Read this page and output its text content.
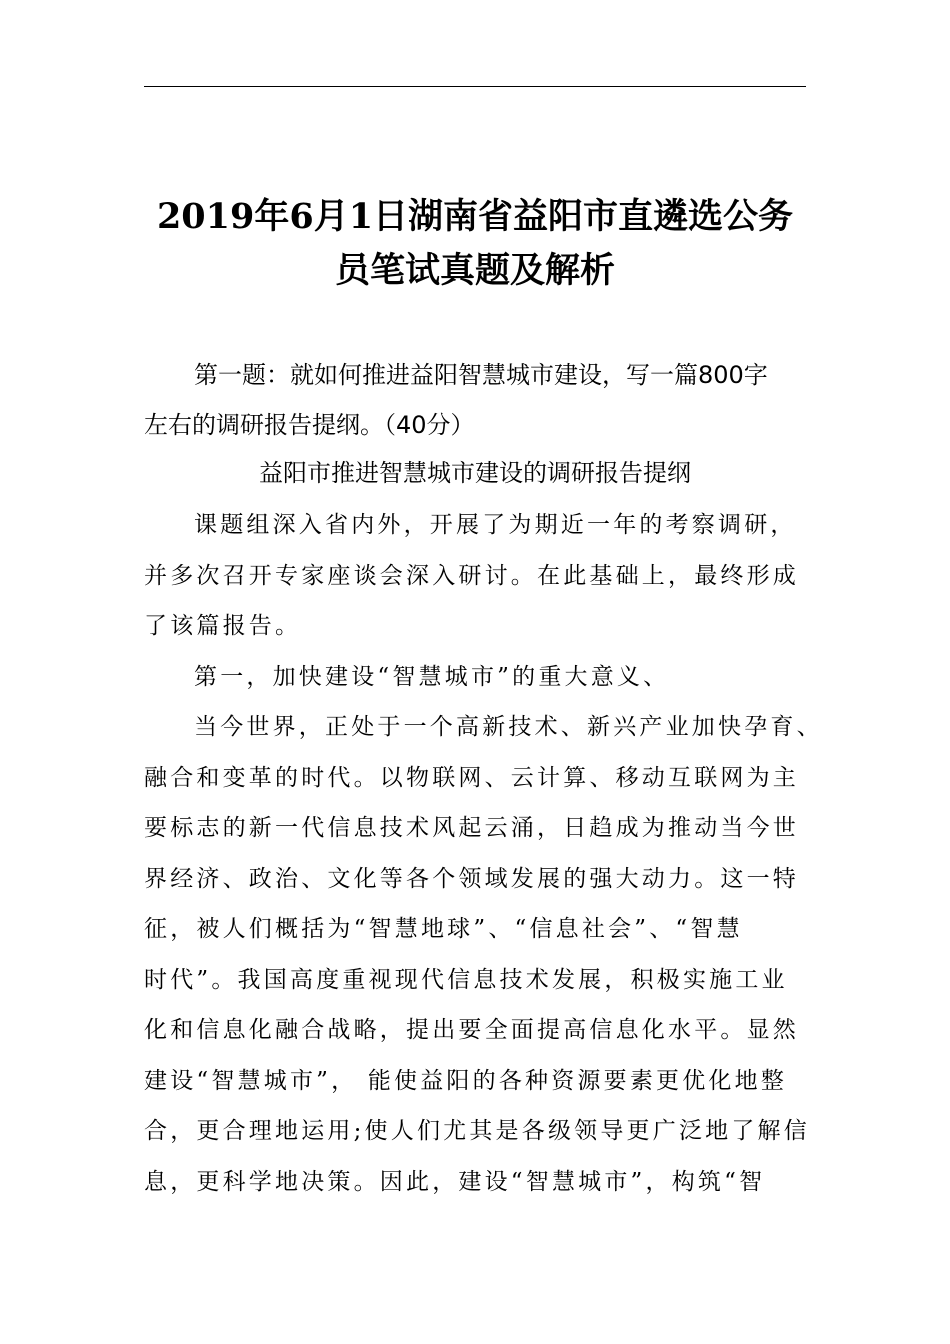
2019年6月1日湖南省益阳市直遴选公务
员笔试真题及解析
第一题：就如何推进益阳智慧城市建设，写一篇800字
左右的调研报告提纲。（40分）
益阳市推进智慧城市建设的调研报告提纲
课题组深入省内外，开展了为期近一年的考察调研，
并多次召开专家座谈会深入研讨。在此基础上，最终形成
了该篇报告。
第一，加快建设“智慧城市”的重大意义、
当今世界，正处于一个高新技术、新兴产业加快孕育、
融合和变革的时代。以物联网、云计算、移动互联网为主
要标志的新一代信息技术风起云涌，日趋成为推动当今世
界经济、政治、文化等各个领域发展的强大动力。这一特
征，被人们概括为“智慧地球”、“信息社会”、“智慧
时代”。我国高度重视现代信息技术发展，积极实施工业
化和信息化融合战略，提出要全面提高信息化水平。显然
建设“智慧城市”， 能使益阳的各种资源要素更优化地整
合，更合理地运用;使人们尤其是各级领导更广泛地了解信
息，更科学地决策。因此，建设“智慧城市”，构筑“智
